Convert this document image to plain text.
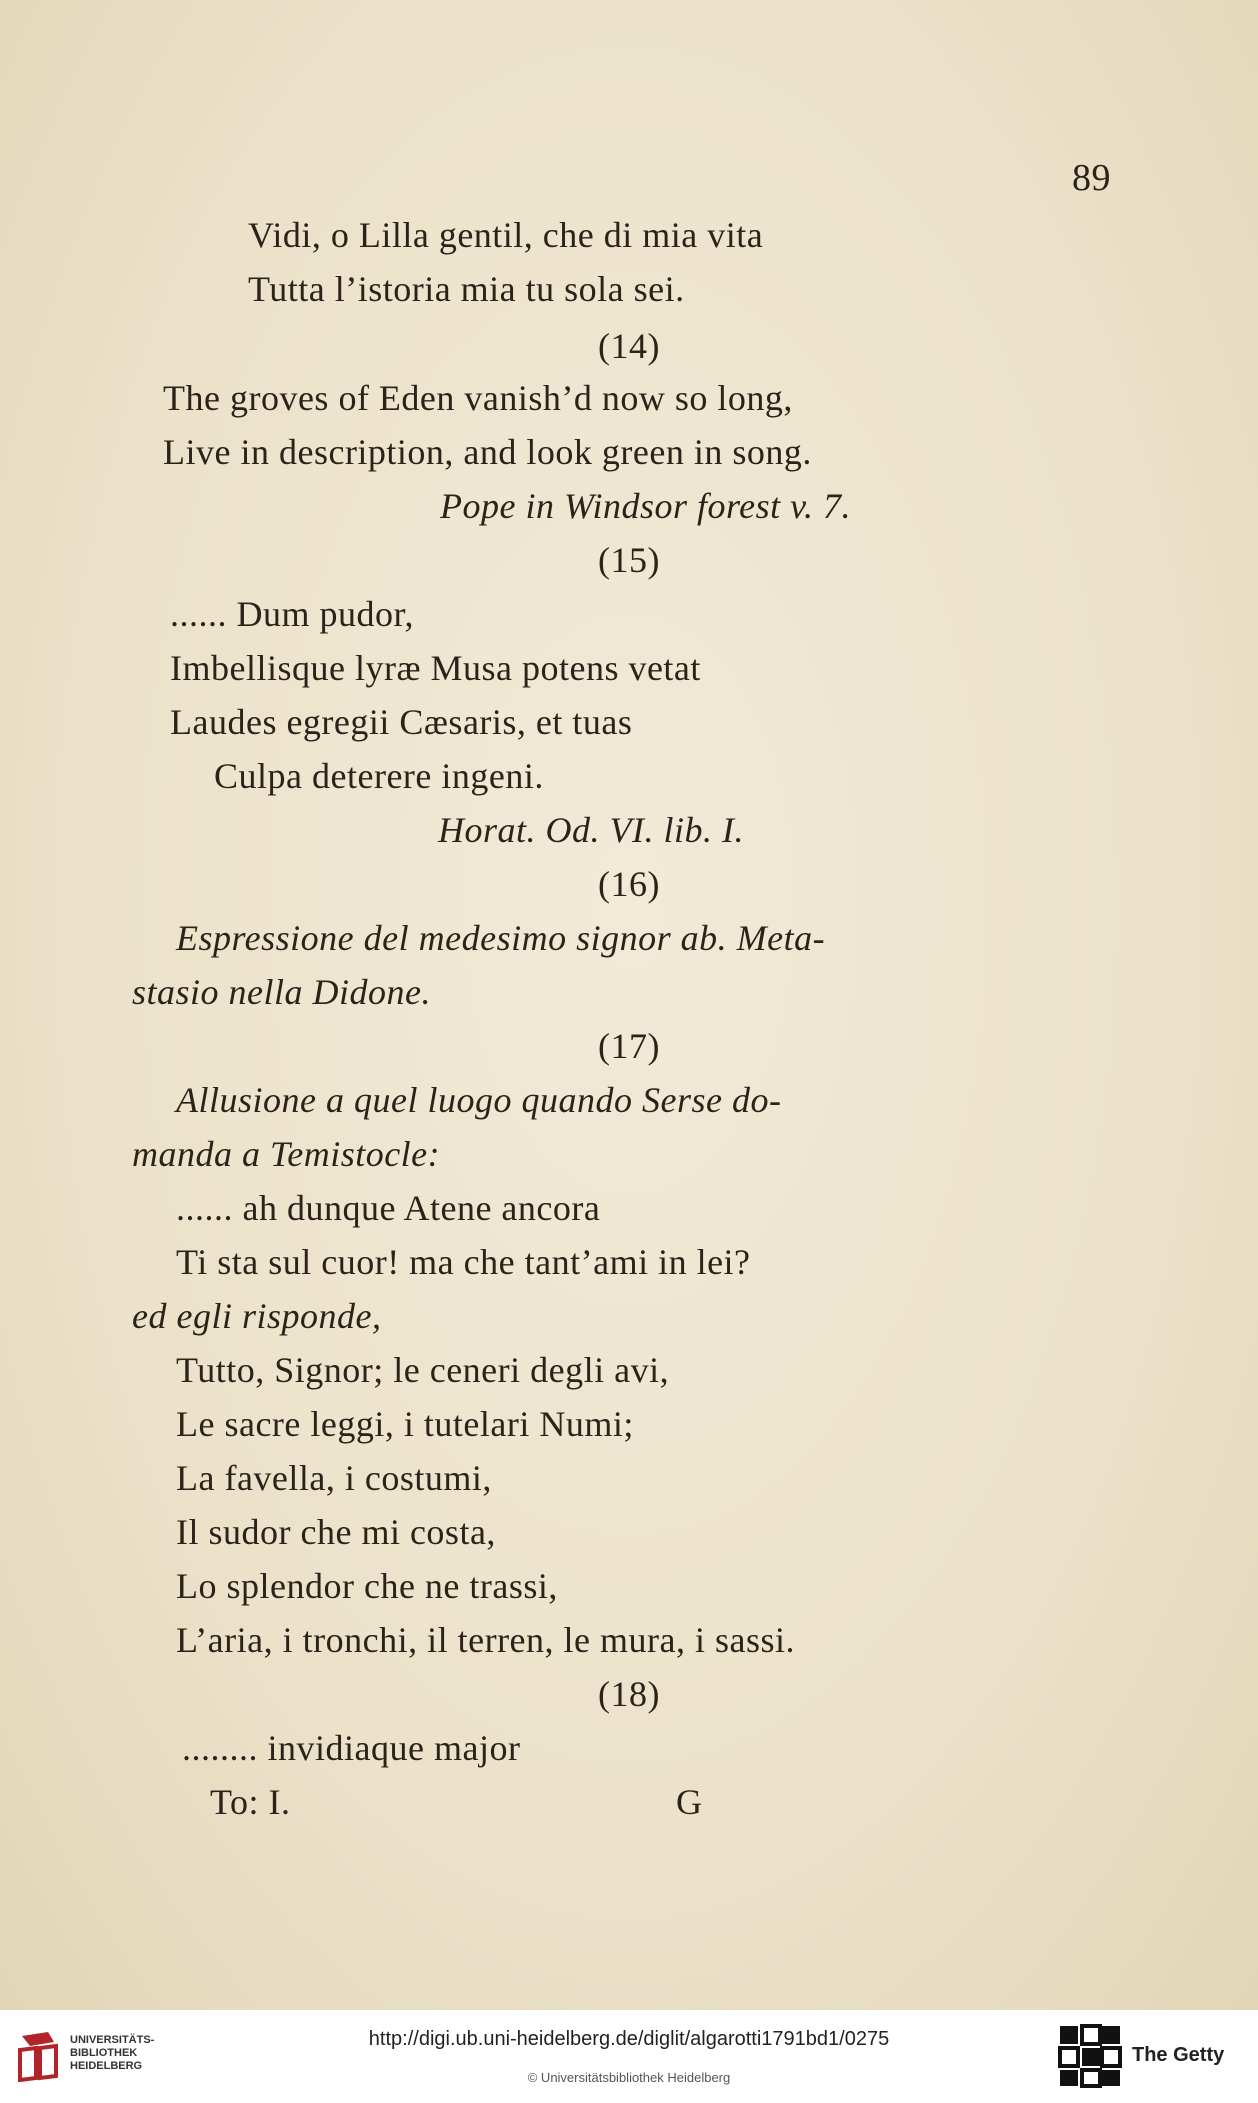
89
Vidi, o Lilla gentil, che di mia vita
Tutta l’istoria mia tu sola sei.
(14)
The groves of Eden vanish’d now so long,
Live in description, and look green in song.
Pope in Windsor forest v. 7.
(15)
...... Dum pudor,
Imbellisque lyræ Musa potens vetat
Laudes egregii Cæsaris, et tuas
Culpa deterere ingeni.
Horat. Od. VI. lib. I.
(16)
Espressione del medesimo signor ab. Meta-
stasio nella Didone.
(17)
Allusione a quel luogo quando Serse do-
manda a Temistocle:
...... ah dunque Atene ancora
Ti sta sul cuor! ma che tant’ami in lei?
ed egli risponde,
Tutto, Signor; le ceneri degli avi,
Le sacre leggi, i tutelari Numi;
La favella, i costumi,
Il sudor che mi costa,
Lo splendor che ne trassi,
L’aria, i tronchi, il terren, le mura, i sassi.
(18)
........ invidiaque major
To: I.	G
UNIVERSITÄTS-
BIBLIOTHEK
HEIDELBERG
http://digi.ub.uni-heidelberg.de/diglit/algarotti1791bd1/0275
© Universitätsbibliothek Heidelberg
The Getty
